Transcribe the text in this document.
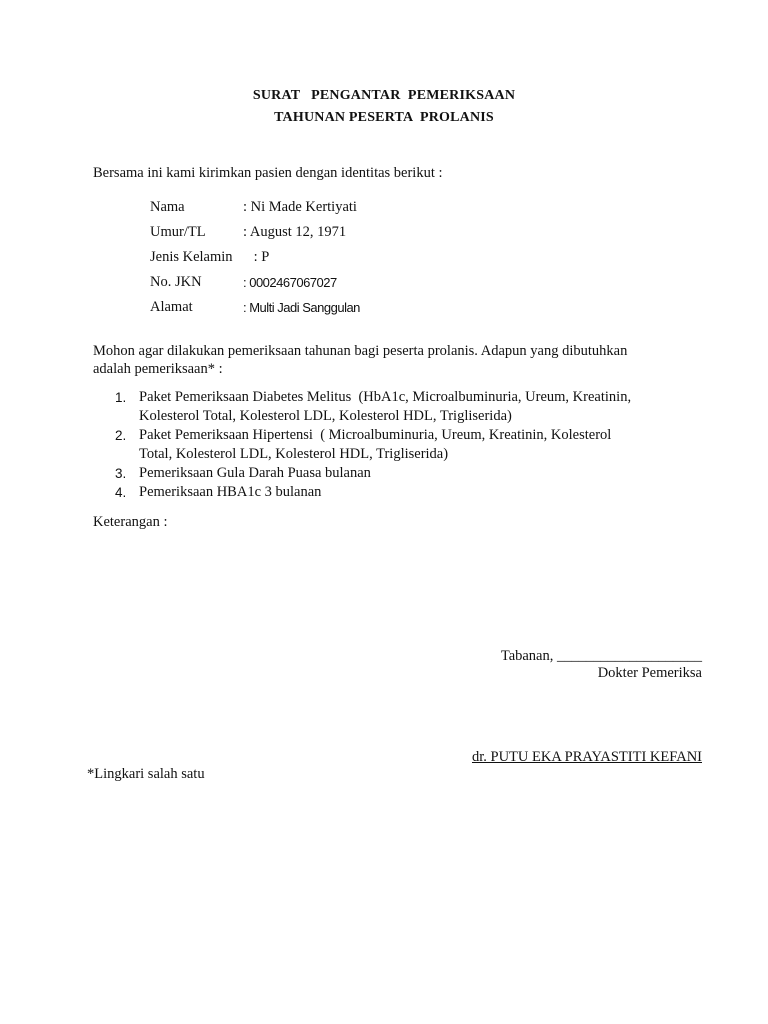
SURAT   PENGANTAR  PEMERIKSAAN
TAHUNAN PESERTA  PROLANIS
Bersama ini kami kirimkan pasien dengan identitas berikut :
Nama	: Ni Made Kertiyati
Umur/TL	: August 12, 1971
Jenis Kelamin : P
No. JKN	: 0002467067027
Alamat	: Multi Jadi Sanggulan
Mohon agar dilakukan pemeriksaan tahunan bagi peserta prolanis. Adapun yang dibutuhkan
adalah pemeriksaan* :
1. Paket Pemeriksaan Diabetes Melitus  (HbA1c, Microalbuminuria, Ureum, Kreatinin,
Kolesterol Total, Kolesterol LDL, Kolesterol HDL, Trigliserida)
2. Paket Pemeriksaan Hipertensi  ( Microalbuminuria, Ureum, Kreatinin, Kolesterol
Total, Kolesterol LDL, Kolesterol HDL, Trigliserida)
3. Pemeriksaan Gula Darah Puasa bulanan
4. Pemeriksaan HBA1c 3 bulanan
Keterangan :
Tabanan, ____________________
Dokter Pemeriksa
dr. PUTU EKA PRAYASTITI KEFANI
*Lingkari salah satu
